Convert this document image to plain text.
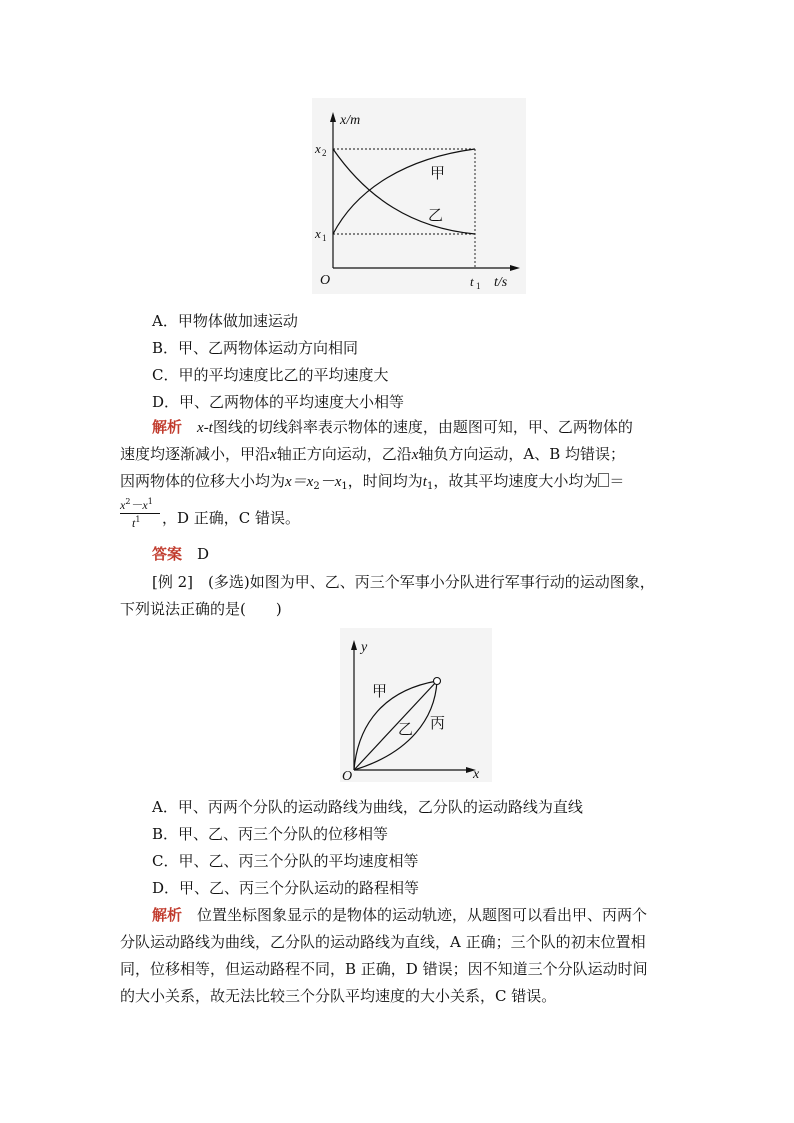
x/m
t/s
O
x 2
x 1
t 1
甲
乙
A．甲物体做加速运动
B．甲、乙两物体运动方向相同
C．甲的平均速度比乙的平均速度大
D．甲、乙两物体的平均速度大小相等
解析　 x-t图线的切线斜率表示物体的速度，由题图可知，甲、乙两物体的
速度均逐渐减小，甲沿x轴正方向运动，乙沿x轴负方向运动，A、B 均错误；
因两物体的位移大小均为$x=x_2-x_1$，时间均为$t_1$，故其平均速度大小均为 ＝
$x^2-x^1$
$t^1$ ，D 正确，C 错误。
答案　 D
[例 2]　(多选)如图为甲、乙、丙三个军事小分队进行军事行动的运动图象，
下列说法正确的是(　　)
y
x
O
甲
乙 丙
A．甲、丙两个分队的运动路线为曲线，乙分队的运动路线为直线
B．甲、乙、丙三个分队的位移相等
C．甲、乙、丙三个分队的平均速度相等
D．甲、乙、丙三个分队运动的路程相等
解析　 位置坐标图象显示的是物体的运动轨迹，从题图可以看出甲、丙两个
分队运动路线为曲线，乙分队的运动路线为直线，A 正确；三个队的初末位置相
同，位移相等，但运动路程不同，B 正确，D 错误；因不知道三个分队运动时间
的大小关系，故无法比较三个分队平均速度的大小关系，C 错误。
